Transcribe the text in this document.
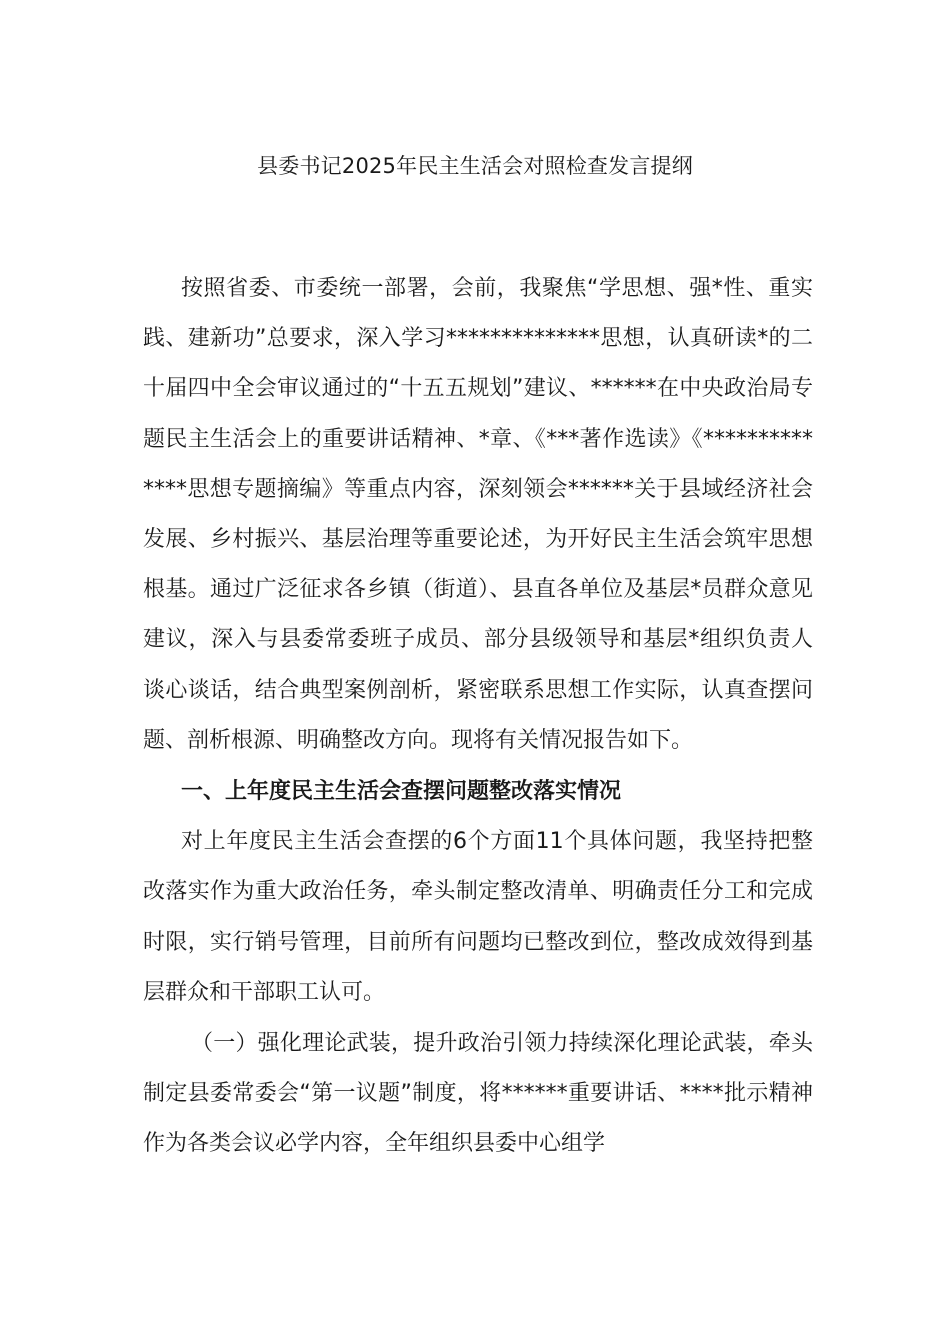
县委书记2025年民主生活会对照检查发言提纲

按照省委、市委统一部署，会前，我聚焦“学思想、强*性、重实践、建新功”总要求，深入学习**************思想，认真研读*的二十届四中全会审议通过的“十五五规划”建议、******在中央政治局专题民主生活会上的重要讲话精神、*章、《***著作选读》《**************思想专题摘编》等重点内容，深刻领会******关于县域经济社会发展、乡村振兴、基层治理等重要论述，为开好民主生活会筑牢思想根基。通过广泛征求各乡镇（街道）、县直各单位及基层*员群众意见建议，深入与县委常委班子成员、部分县级领导和基层*组织负责人谈心谈话，结合典型案例剖析，紧密联系思想工作实际，认真查摆问题、剖析根源、明确整改方向。现将有关情况报告如下。

一、上年度民主生活会查摆问题整改落实情况

对上年度民主生活会查摆的6个方面11个具体问题，我坚持把整改落实作为重大政治任务，牵头制定整改清单、明确责任分工和完成时限，实行销号管理，目前所有问题均已整改到位，整改成效得到基层群众和干部职工认可。

（一）强化理论武装，提升政治引领力持续深化理论武装，牵头制定县委常委会“第一议题”制度，将******重要讲话、****批示精神作为各类会议必学内容，全年组织县委中心组学
